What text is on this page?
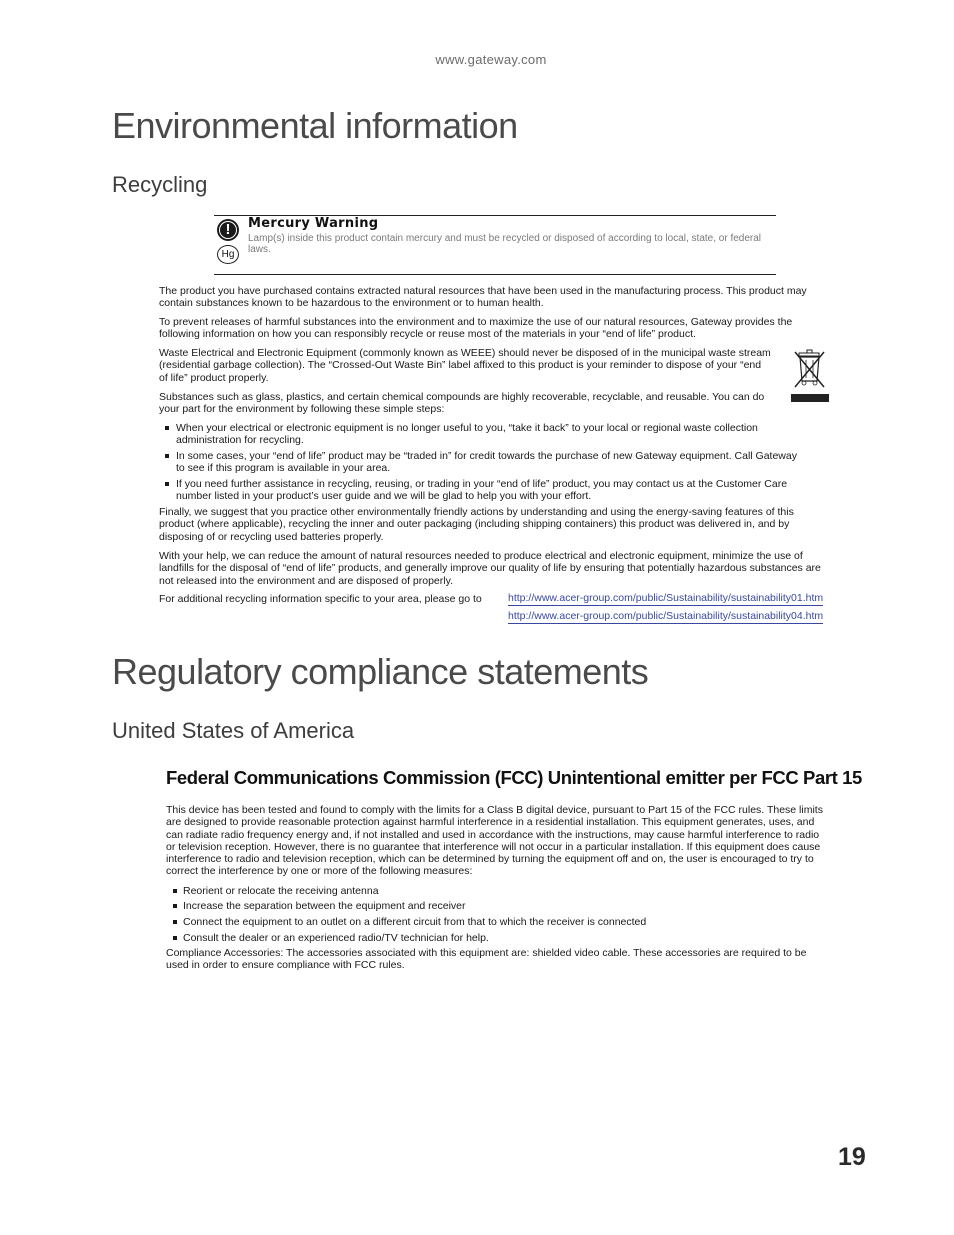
www.gateway.com
Environmental information
Recycling
!
Hg
Mercury Warning
Lamp(s) inside this product contain mercury and must be recycled or disposed of according to local, state, or federal laws.
The product you have purchased contains extracted natural resources that have been used in the manufacturing process. This product may contain substances known to be hazardous to the environment or to human health.
To prevent releases of harmful substances into the environment and to maximize the use of our natural resources, Gateway provides the following information on how you can responsibly recycle or reuse most of the materials in your “end of life” product.
Waste Electrical and Electronic Equipment (commonly known as WEEE) should never be disposed of in the municipal waste stream (residential garbage collection). The “Crossed-Out Waste Bin” label affixed to this product is your reminder to dispose of your “end of life” product properly.
Substances such as glass, plastics, and certain chemical compounds are highly recoverable, recyclable, and reusable. You can do your part for the environment by following these simple steps:
When your electrical or electronic equipment is no longer useful to you, “take it back” to your local or regional waste collection administration for recycling.
In some cases, your “end of life” product may be “traded in” for credit towards the purchase of new Gateway equipment. Call Gateway to see if this program is available in your area.
If you need further assistance in recycling, reusing, or trading in your “end of life” product, you may contact us at the Customer Care number listed in your product’s user guide and we will be glad to help you with your effort.
Finally, we suggest that you practice other environmentally friendly actions by understanding and using the energy-saving features of this product (where applicable), recycling the inner and outer packaging (including shipping containers) this product was delivered in, and by disposing of or recycling used batteries properly.
With your help, we can reduce the amount of natural resources needed to produce electrical and electronic equipment, minimize the use of landfills for the disposal of “end of life” products, and generally improve our quality of life by ensuring that potentially hazardous substances are not released into the environment and are disposed of properly.
For additional recycling information specific to your area, please go to	http://www.acer-group.com/public/Sustainability/sustainability01.htm
http://www.acer-group.com/public/Sustainability/sustainability04.htm
Regulatory compliance statements
United States of America
Federal Communications Commission (FCC) Unintentional emitter per FCC Part 15
This device has been tested and found to comply with the limits for a Class B digital device, pursuant to Part 15 of the FCC rules. These limits are designed to provide reasonable protection against harmful interference in a residential installation. This equipment generates, uses, and can radiate radio frequency energy and, if not installed and used in accordance with the instructions, may cause harmful interference to radio or television reception. However, there is no guarantee that interference will not occur in a particular installation. If this equipment does cause interference to radio and television reception, which can be determined by turning the equipment off and on, the user is encouraged to try to correct the interference by one or more of the following measures:
Reorient or relocate the receiving antenna
Increase the separation between the equipment and receiver
Connect the equipment to an outlet on a different circuit from that to which the receiver is connected
Consult the dealer or an experienced radio/TV technician for help.
Compliance Accessories: The accessories associated with this equipment are: shielded video cable. These accessories are required to be used in order to ensure compliance with FCC rules.
19
